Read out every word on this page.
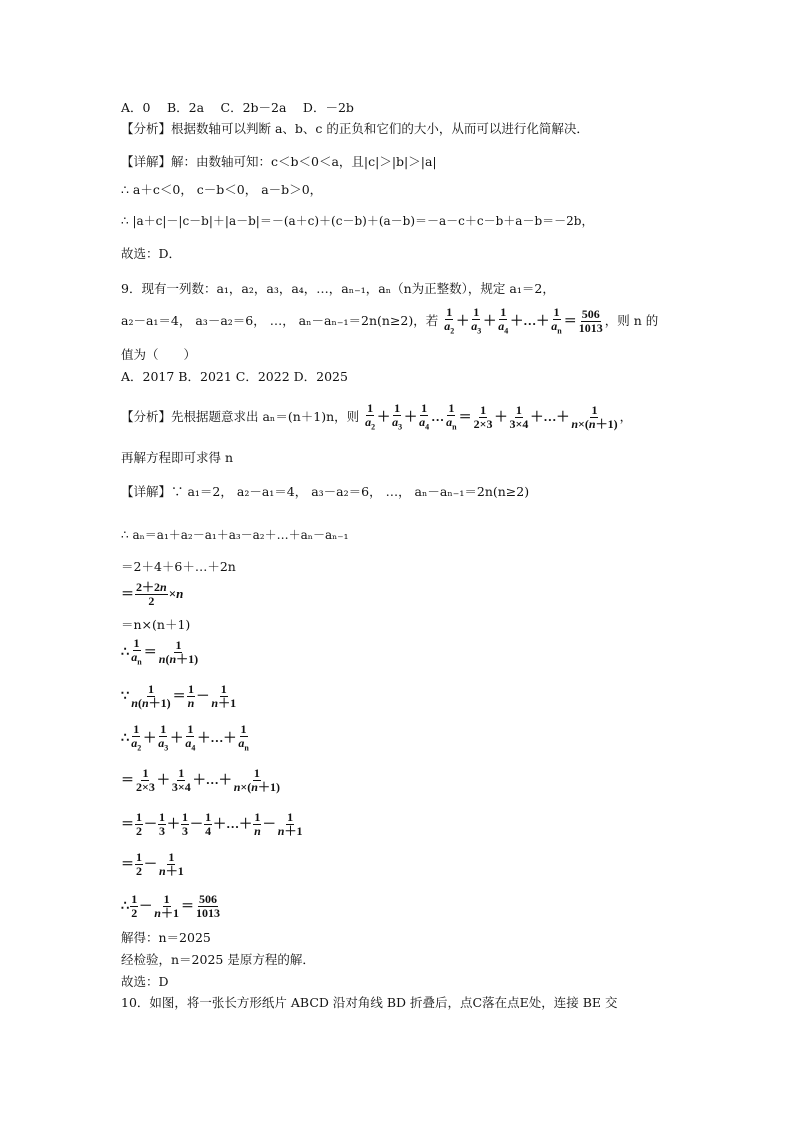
A．0　 B．2a　 C．2b－2a　 D．－2b
【分析】根据数轴可以判断 a、b、c 的正负和它们的大小，从而可以进行化简解决．
【详解】解：由数轴可知：c＜b＜0＜a，且|c|＞|b|＞|a|
∴ a＋c＜0， c－b＜0， a－b＞0，
∴ |a＋c|－|c－b|＋|a－b|＝－(a＋c)＋(c－b)＋(a－b)＝－a－c＋c－b＋a－b＝－2b，
故选：D．
9．现有一列数：a₁，a₂，a₃，a₄，…，aₙ₋₁，aₙ（n为正整数），规定 a₁＝2，
a₂－a₁＝4， a₃－a₂＝6， …， aₙ－aₙ₋₁＝2n(n≥2)，若 $\frac{1}{a_2} + \frac{1}{a_3} + \frac{1}{a_4}$ ＋…＋ $\frac{1}{a_n} = \frac{506}{1013}$ ，则 n 的
值为（　　）
A．2017 B．2021 C．2022 D．2025
【分析】先根据题意求出 aₙ＝(n＋1)n，则 $\frac{1}{a_2} + \frac{1}{a_3} + \frac{1}{a_4}$ … $\frac{1}{a_n} = \frac{1}{2\times 3} + \frac{1}{3\times 4}$ ＋…＋ $\frac{1}{n\times(n+1)}$ ，
再解方程即可求得 n
【详解】∵ a₁＝2， a₂－a₁＝4， a₃－a₂＝6， …， aₙ－aₙ₋₁＝2n(n≥2)
∴ aₙ＝a₁＋a₂－a₁＋a₃－a₂＋…＋aₙ－aₙ₋₁
＝2＋4＋6＋…＋2n
＝ $\frac{2+2n}{2} \times n$
＝n×(n＋1)
∴ $\frac{1}{a_n} = \frac{1}{n(n+1)}$
∵ $\frac{1}{n(n+1)} = \frac{1}{n} - \frac{1}{n+1}$
∴ $\frac{1}{a_2} + \frac{1}{a_3} + \frac{1}{a_4}$ ＋…＋ $\frac{1}{a_n}$
＝ $\frac{1}{2\times 3} + \frac{1}{3\times 4}$ ＋…＋ $\frac{1}{n\times(n+1)}$
＝ $\frac{1}{2} - \frac{1}{3} + \frac{1}{3} - \frac{1}{4}$ ＋…＋ $\frac{1}{n} - \frac{1}{n+1}$
＝ $\frac{1}{2} - \frac{1}{n+1}$
∴ $\frac{1}{2} - \frac{1}{n+1} = \frac{506}{1013}$
解得：n＝2025
经检验，n＝2025 是原方程的解．
故选：D
10．如图，将一张长方形纸片 ABCD 沿对角线 BD 折叠后，点C落在点E处，连接 BE 交
